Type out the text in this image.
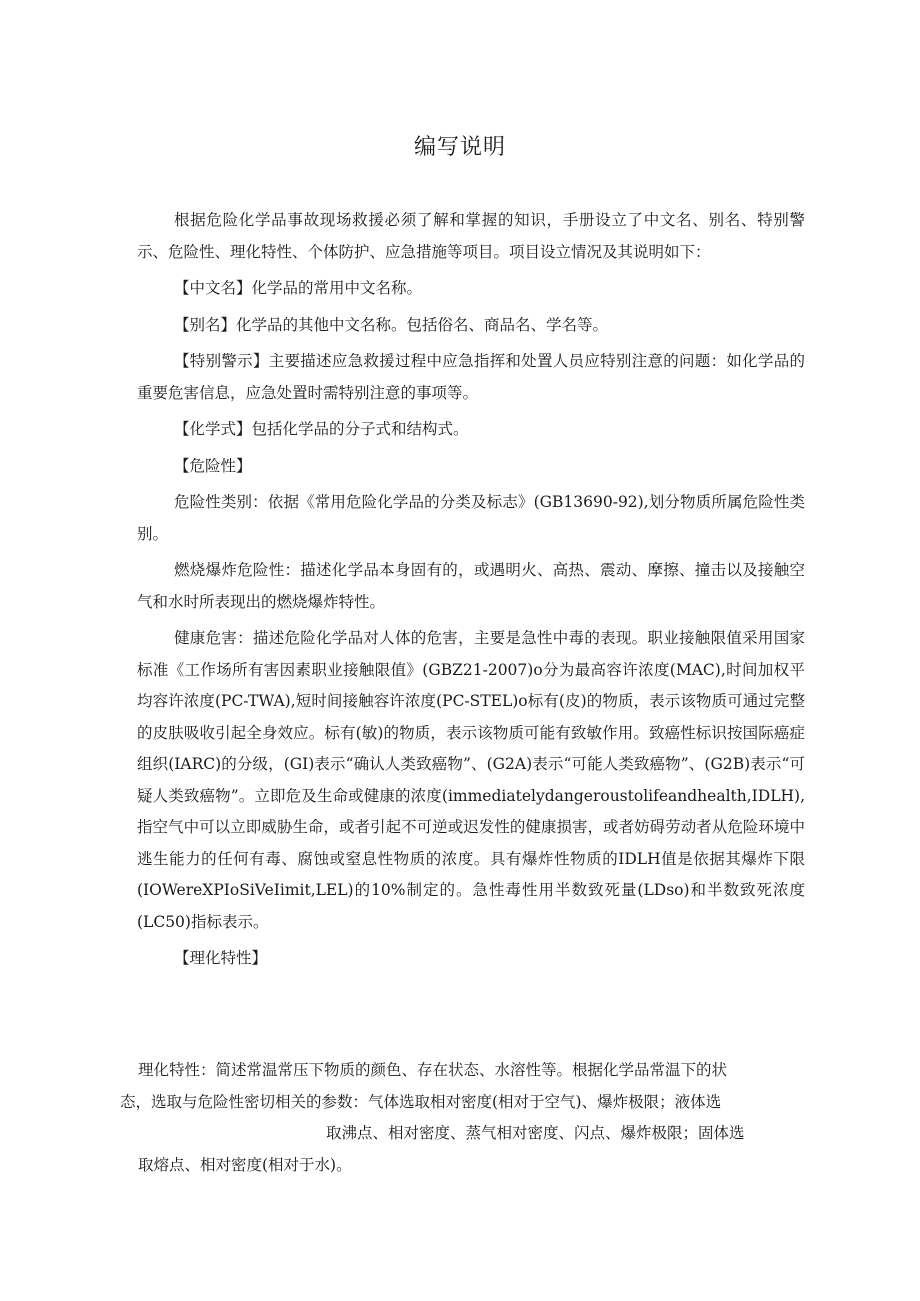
编写说明

根据危险化学品事故现场救援必须了解和掌握的知识，手册设立了中文名、别名、特别警示、危险性、理化特性、个体防护、应急措施等项目。项目设立情况及其说明如下：

【中文名】化学品的常用中文名称。

【别名】化学品的其他中文名称。包括俗名、商品名、学名等。

【特别警示】主要描述应急救援过程中应急指挥和处置人员应特别注意的问题：如化学品的重要危害信息，应急处置时需特别注意的事项等。

【化学式】包括化学品的分子式和结构式。

【危险性】

危险性类别：依据《常用危险化学品的分类及标志》(GB13690-92),划分物质所属危险性类别。

燃烧爆炸危险性：描述化学品本身固有的，或遇明火、高热、震动、摩擦、撞击以及接触空气和水时所表现出的燃烧爆炸特性。

健康危害：描述危险化学品对人体的危害，主要是急性中毒的表现。职业接触限值采用国家标准《工作场所有害因素职业接触限值》(GBZ21-2007)o分为最高容许浓度(MAC),时间加权平均容许浓度(PC-TWA),短时间接触容许浓度(PC-STEL)o标有(皮)的物质，表示该物质可通过完整的皮肤吸收引起全身效应。标有(敏)的物质，表示该物质可能有致敏作用。致癌性标识按国际癌症组织(IARC)的分级，(GI)表示“确认人类致癌物”、(G2A)表示“可能人类致癌物”、(G2B)表示“可疑人类致癌物”。立即危及生命或健康的浓度(immediatelydangeroustolifeandhealth,IDLH),指空气中可以立即威胁生命，或者引起不可逆或迟发性的健康损害，或者妨碍劳动者从危险环境中逃生能力的任何有毒、腐蚀或窒息性物质的浓度。具有爆炸性物质的IDLH值是依据其爆炸下限(IOWereXPIoSiVeIimit,LEL)的10%制定的。急性毒性用半数致死量(LDso)和半数致死浓度(LC50)指标表示。

【理化特性】

理化特性：简述常温常压下物质的颜色、存在状态、水溶性等。根据化学品常温下的状

态，选取与危险性密切相关的参数：气体选取相对密度(相对于空气)、爆炸极限；液体选

取沸点、相对密度、蒸气相对密度、闪点、爆炸极限；固体选

取熔点、相对密度(相对于水)。
